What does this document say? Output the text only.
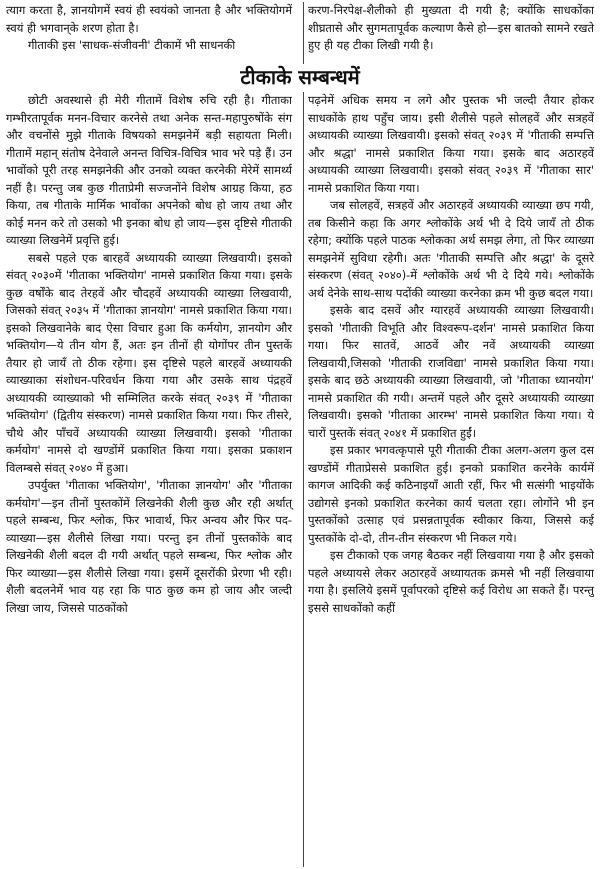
त्याग करता है, ज्ञानयोगमें स्वयं ही स्वयंको जानता है और भक्तियोगमें स्वयं ही भगवान्‌के शरण होता है।

गीताकी इस 'साधक-संजीवनी' टीकामें भी साधनकी

करण-निरपेक्ष-शैलीको ही मुख्यता दी गयी है; क्योंकि साधकोंका शीघ्रतासे और सुगमतापूर्वक कल्याण कैसे हो—इस बातको सामने रखते हुए ही यह टीका लिखी गयी है।

टीकाके सम्बन्धमें

छोटी अवस्थासे ही मेरी गीतामें विशेष रुचि रही है। गीताका गम्भीरतापूर्वक मनन-विचार करनेसे तथा अनेक सन्त-महापुरुषोंके संग और वचनोंसे मुझे गीताके विषयको समझनेमें बड़ी सहायता मिली। गीतामें महान् संतोष देनेवाले अनन्त विचित्र-विचित्र भाव भरे पड़े हैं। उन भावोंको पूरी तरह समझनेकी और उनको व्यक्त करनेकी मेरेमें सामर्थ्य नहीं है। परन्तु जब कुछ गीताप्रेमी सज्जनोंने विशेष आग्रह किया, हठ किया, तब गीताके मार्मिक भावोंका अपनेको बोध हो जाय तथा और कोई मनन करे तो उसको भी इनका बोध हो जाय—इस दृष्टिसे गीताकी व्याख्या लिखनेमें प्रवृत्ति हुई।

सबसे पहले एक बारहवें अध्यायकी व्याख्या लिखवायी। इसको संवत् २०३०में 'गीताका भक्तियोग' नामसे प्रकाशित किया गया। इसके कुछ वर्षोंके बाद तेरहवें और चौदहवें अध्यायकी व्याख्या लिखवायी, जिसको संवत् २०३५ में 'गीताका ज्ञानयोग' नामसे प्रकाशित किया गया। इसको लिखवानेके बाद ऐसा विचार हुआ कि कर्मयोग, ज्ञानयोग और भक्तियोग—ये तीन योग हैं, अतः इन तीनों ही योगोंपर तीन पुस्तकें तैयार हो जायँ तो ठीक रहेगा। इस दृष्टिसे पहले बारहवें अध्यायकी व्याख्याका संशोधन-परिवर्धन किया गया और उसके साथ पंद्रहवें अध्यायकी व्याख्याको भी सम्मिलित करके संवत् २०३९ में 'गीताका भक्तियोग' (द्वितीय संस्करण) नामसे प्रकाशित किया गया। फिर तीसरे, चौथे और पाँचवें अध्यायकी व्याख्या लिखवायी। इसको 'गीताका कर्मयोग' नामसे दो खण्डोंमें प्रकाशित किया गया। इसका प्रकाशन विलम्बसे संवत् २०४० में हुआ।

उपर्युक्त 'गीताका भक्तियोग', 'गीताका ज्ञानयोग' और 'गीताका कर्मयोग'—इन तीनों पुस्तकोंमें लिखनेकी शैली कुछ और रही अर्थात् पहले सम्बन्ध, फिर श्लोक, फिर भावार्थ, फिर अन्वय और फिर पद-व्याख्या—इस शैलीसे लिखा गया। परन्तु इन तीनों पुस्तकोंके बाद लिखनेकी शैली बदल दी गयी अर्थात् पहले सम्बन्ध, फिर श्लोक और फिर व्याख्या—इस शैलीसे लिखा गया। इसमें दूसरोंकी प्रेरणा भी रही। शैली बदलनेमें भाव यह रहा कि पाठ कुछ कम हो जाय और जल्दी लिखा जाय, जिससे पाठकोंको

पढ़नेमें अधिक समय न लगे और पुस्तक भी जल्दी तैयार होकर साधकोंके हाथ पहुँच जाय। इसी शैलीसे पहले सोलहवें और सत्रहवें अध्यायकी व्याख्या लिखवायी। इसको संवत् २०३९ में 'गीताकी सम्पत्ति और श्रद्धा' नामसे प्रकाशित किया गया। इसके बाद अठारहवें अध्यायकी व्याख्या लिखवायी। इसको संवत् २०३९ में 'गीताका सार' नामसे प्रकाशित किया गया।

जब सोलहवें, सत्रहवें और अठारहवें अध्यायकी व्याख्या छप गयी, तब किसीने कहा कि अगर श्लोकोंके अर्थ भी दे दिये जायँ तो ठीक रहेगा; क्योंकि पहले पाठक श्लोकका अर्थ समझ लेगा, तो फिर व्याख्या समझनेमें सुविधा रहेगी। अतः 'गीताकी सम्पत्ति और श्रद्धा' के दूसरे संस्करण (संवत् २०४०)-में श्लोकोंके अर्थ भी दे दिये गये। श्लोकोंके अर्थ देनेके साथ-साथ पदोंकी व्याख्या करनेका क्रम भी कुछ बदल गया।

इसके बाद दसवें और ग्यारहवें अध्यायकी व्याख्या लिखवायी। इसको 'गीताकी विभूति और विश्वरूप-दर्शन' नामसे प्रकाशित किया गया। फिर सातवें, आठवें और नवें अध्यायकी व्याख्या लिखवायी,जिसको 'गीताकी राजविद्या' नामसे प्रकाशित किया गया। इसके बाद छठे अध्यायकी व्याख्या लिखवायी, जो 'गीताका ध्यानयोग' नामसे प्रकाशित की गयी। अन्तमें पहले और दूसरे अध्यायकी व्याख्या लिखवायी। इसको 'गीताका आरम्भ' नामसे प्रकाशित किया गया। ये चारों पुस्तकें संवत् २०४१ में प्रकाशित हुईं।

इस प्रकार भगवत्कृपासे पूरी गीताकी टीका अलग-अलग कुल दस खण्डोंमें गीताप्रेससे प्रकाशित हुई। इनको प्रकाशित करनेके कार्यमें कागज आदिकी कई कठिनाइयाँ आती रहीं, फिर भी सत्संगी भाइयोंके उद्योगसे इनको प्रकाशित करनेका कार्य चलता रहा। लोगोंने भी इन पुस्तकोंको उत्साह एवं प्रसन्नतापूर्वक स्वीकार किया, जिससे कई पुस्तकोंके दो-दो, तीन-तीन संस्करण भी निकल गये।

इस टीकाको एक जगह बैठकर नहीं लिखवाया गया है और इसको पहले अध्यायसे लेकर अठारहवें अध्यायतक क्रमसे भी नहीं लिखवाया गया है। इसलिये इसमें पूर्वापरको दृष्टिसे कई विरोध आ सकते हैं। परन्तु इससे साधकोंको कहीं
